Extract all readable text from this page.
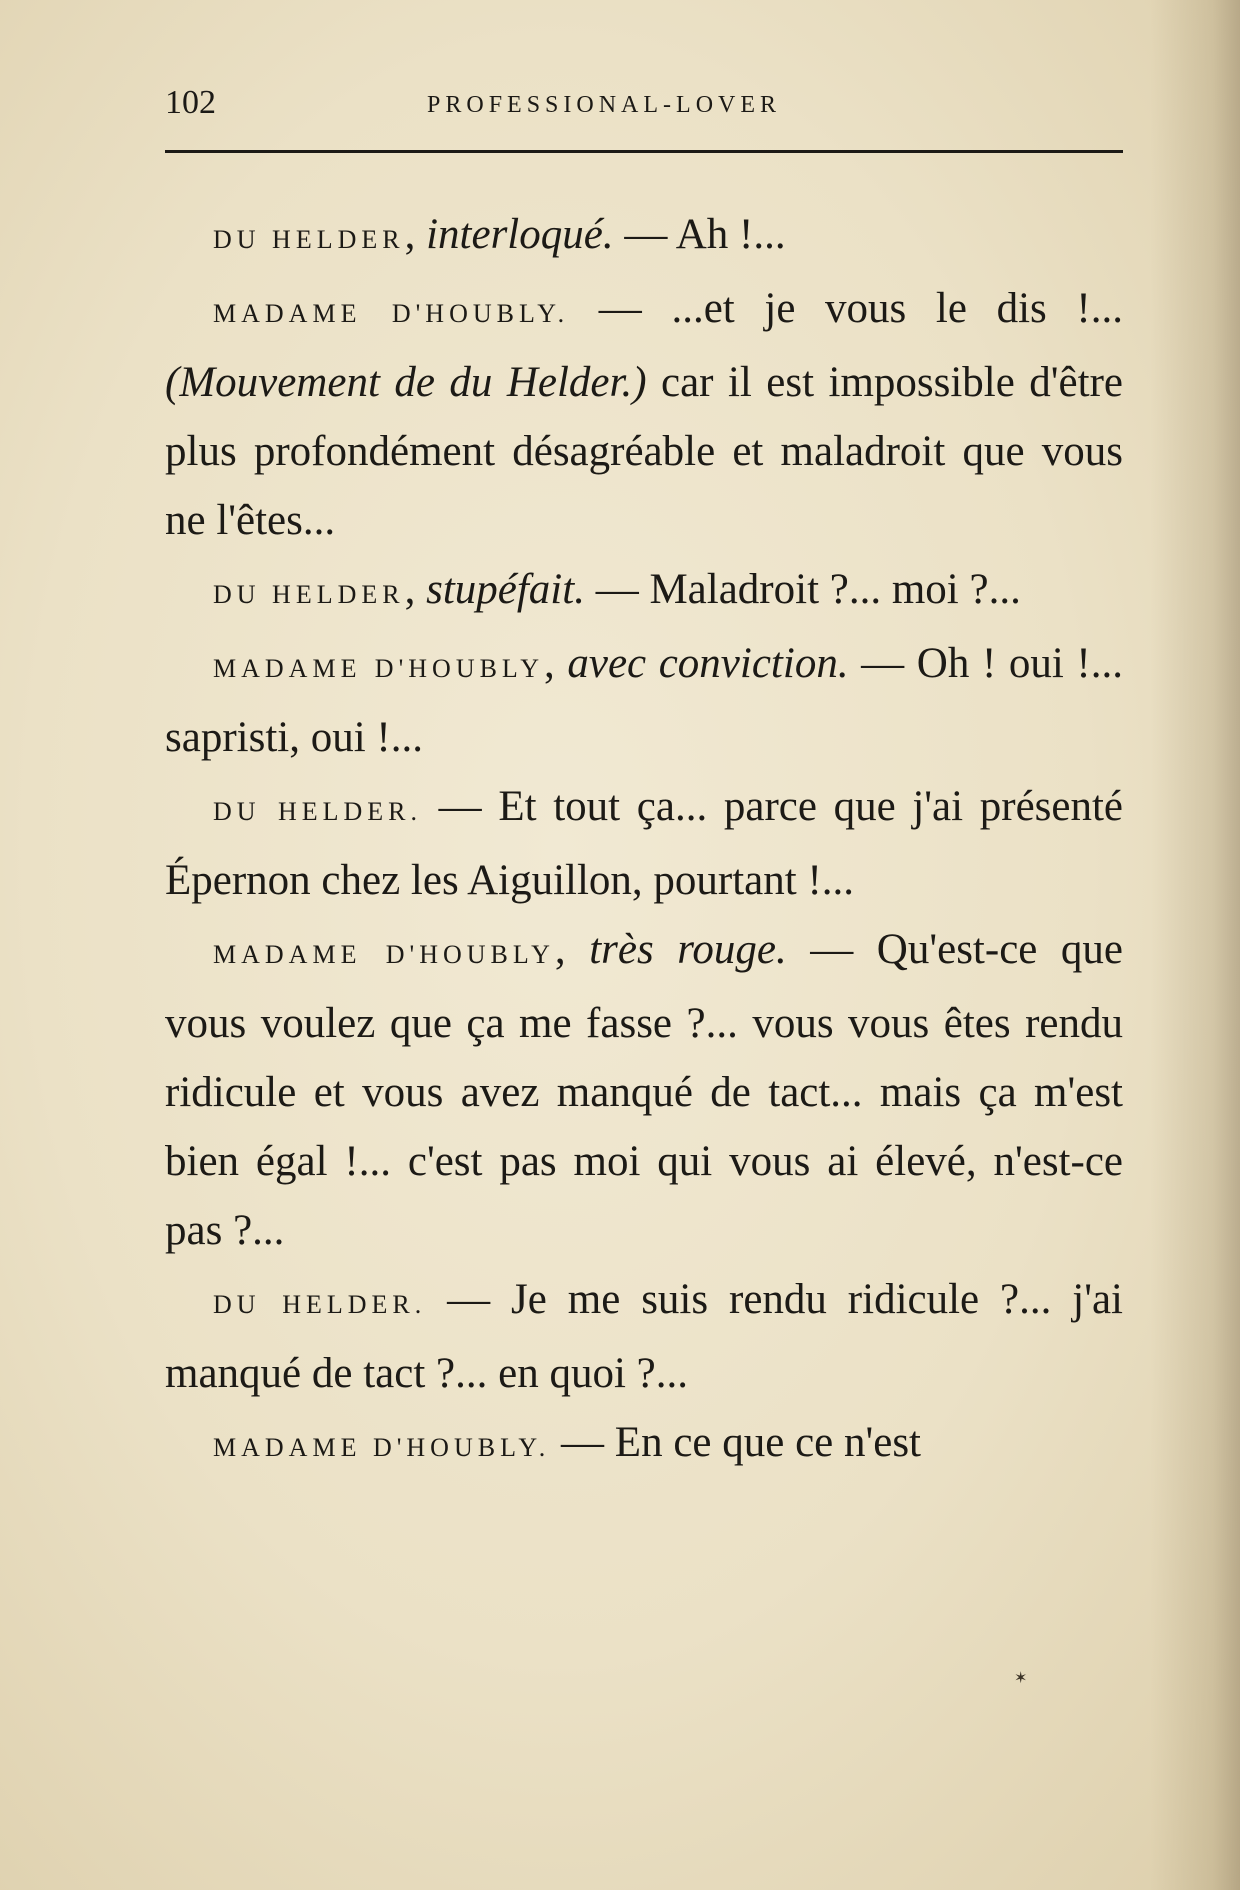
102	PROFESSIONAL-LOVER

DU HELDER, interloqué. — Ah !...

MADAME D'HOUBLY. — ...et je vous le dis !... (Mouvement de du Helder.) car il est impossible d'être plus profondément désagréable et maladroit que vous ne l'êtes...

DU HELDER, stupéfait. — Maladroit ?... moi ?...

MADAME D'HOUBLY, avec conviction. — Oh ! oui !... sapristi, oui !...

DU HELDER. — Et tout ça... parce que j'ai présenté Épernon chez les Aiguillon, pourtant !...

MADAME D'HOUBLY, très rouge. — Qu'est-ce que vous voulez que ça me fasse ?... vous vous êtes rendu ridicule et vous avez manqué de tact... mais ça m'est bien égal !... c'est pas moi qui vous ai élevé, n'est-ce pas ?...

DU HELDER. — Je me suis rendu ridicule ?... j'ai manqué de tact ?... en quoi ?...

MADAME D'HOUBLY. — En ce que ce n'est

✶
